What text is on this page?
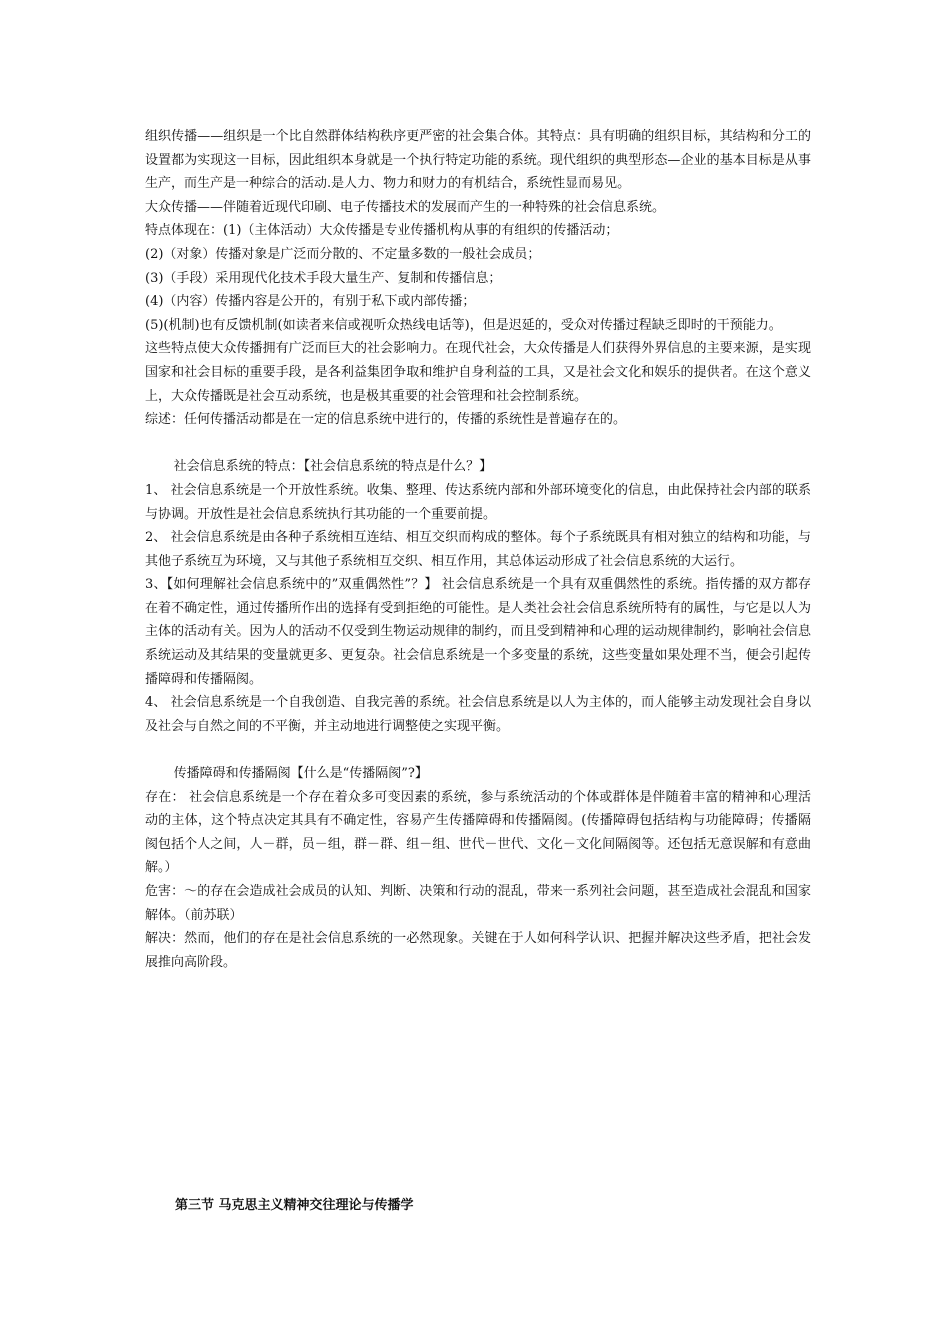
组织传播——组织是一个比自然群体结构秩序更严密的社会集合体。其特点：具有明确的组织目标，其结构和分工的设置都为实现这一目标，因此组织本身就是一个执行特定功能的系统。现代组织的典型形态—企业的基本目标是从事生产，而生产是一种综合的活动.是人力、物力和财力的有机结合，系统性显而易见。

大众传播——伴随着近现代印刷、电子传播技术的发展而产生的一种特殊的社会信息系统。

特点体现在：(1)（主体活动）大众传播是专业传播机构从事的有组织的传播活动；

(2)（对象）传播对象是广泛而分散的、不定量多数的一般社会成员；

(3)（手段）采用现代化技术手段大量生产、复制和传播信息；

(4)（内容）传播内容是公开的，有别于私下或内部传播；

(5)(机制)也有反馈机制(如读者来信或视听众热线电话等)，但是迟延的，受众对传播过程缺乏即时的干预能力。

这些特点使大众传播拥有广泛而巨大的社会影响力。在现代社会，大众传播是人们获得外界信息的主要来源，是实现国家和社会目标的重要手段，是各利益集团争取和维护自身利益的工具，又是社会文化和娱乐的提供者。在这个意义上，大众传播既是社会互动系统，也是极其重要的社会管理和社会控制系统。

综述：任何传播活动都是在一定的信息系统中进行的，传播的系统性是普遍存在的。

社会信息系统的特点：【社会信息系统的特点是什么？】

1、 社会信息系统是一个开放性系统。收集、整理、传达系统内部和外部环境变化的信息，由此保持社会内部的联系与协调。开放性是社会信息系统执行其功能的一个重要前提。

2、 社会信息系统是由各种子系统相互连结、相互交织而构成的整体。每个子系统既具有相对独立的结构和功能，与其他子系统互为环境，又与其他子系统相互交织、相互作用，其总体运动形成了社会信息系统的大运行。

3、【如何理解社会信息系统中的”双重偶然性”？】 社会信息系统是一个具有双重偶然性的系统。指传播的双方都存在着不确定性，通过传播所作出的选择有受到拒绝的可能性。是人类社会社会信息系统所特有的属性，与它是以人为主体的活动有关。因为人的活动不仅受到生物运动规律的制约，而且受到精神和心理的运动规律制约，影响社会信息系统运动及其结果的变量就更多、更复杂。社会信息系统是一个多变量的系统，这些变量如果处理不当，便会引起传播障碍和传播隔阂。

4、 社会信息系统是一个自我创造、自我完善的系统。社会信息系统是以人为主体的，而人能够主动发现社会自身以及社会与自然之间的不平衡，并主动地进行调整使之实现平衡。

传播障碍和传播隔阂【什么是“传播隔阂”?】

存在： 社会信息系统是一个存在着众多可变因素的系统，参与系统活动的个体或群体是伴随着丰富的精神和心理活动的主体，这个特点决定其具有不确定性，容易产生传播障碍和传播隔阂。(传播障碍包括结构与功能障碍；传播隔阂包括个人之间，人－群，员－组，群－群、组－组、世代－世代、文化－文化间隔阂等。还包括无意误解和有意曲解。）

危害：～的存在会造成社会成员的认知、判断、决策和行动的混乱，带来一系列社会问题，甚至造成社会混乱和国家解体。（前苏联）

解决：然而，他们的存在是社会信息系统的一必然现象。关键在于人如何科学认识、把握并解决这些矛盾，把社会发展推向高阶段。

第三节 马克思主义精神交往理论与传播学
